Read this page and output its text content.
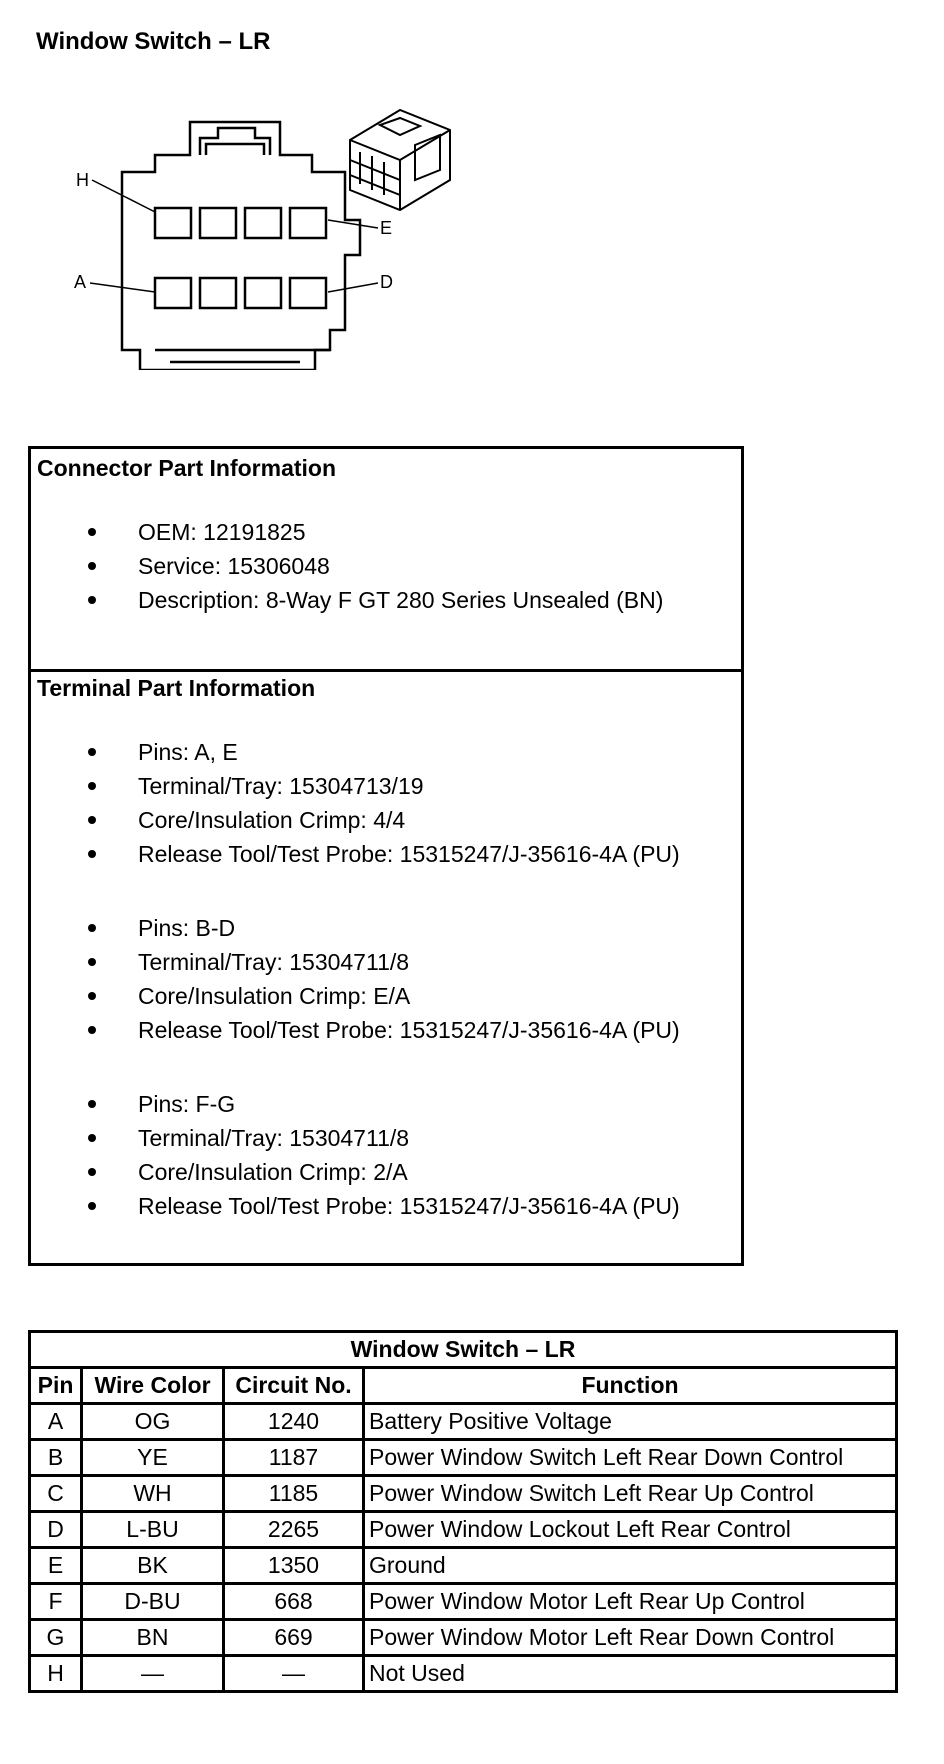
Window Switch – LR
H
E
A	D
Connector Part Information
OEM: 12191825
Service: 15306048
Description: 8-Way F GT 280 Series Unsealed (BN)
Terminal Part Information
Pins: A, E
Terminal/Tray: 15304713/19
Core/Insulation Crimp: 4/4
Release Tool/Test Probe: 15315247/J-35616-4A (PU)
Pins: B-D
Terminal/Tray: 15304711/8
Core/Insulation Crimp: E/A
Release Tool/Test Probe: 15315247/J-35616-4A (PU)
Pins: F-G
Terminal/Tray: 15304711/8
Core/Insulation Crimp: 2/A
Release Tool/Test Probe: 15315247/J-35616-4A (PU)
Window Switch – LR			
Pin	Wire Color	Circuit No.	Function
A	OG	1240	Battery Positive Voltage
B	YE	1187	Power Window Switch Left Rear Down Control
C	WH	1185	Power Window Switch Left Rear Up Control
D	L-BU	2265	Power Window Lockout Left Rear Control
E	BK	1350	Ground
F	D-BU	668	Power Window Motor Left Rear Up Control
G	BN	669	Power Window Motor Left Rear Down Control
H	—	—	Not Used
